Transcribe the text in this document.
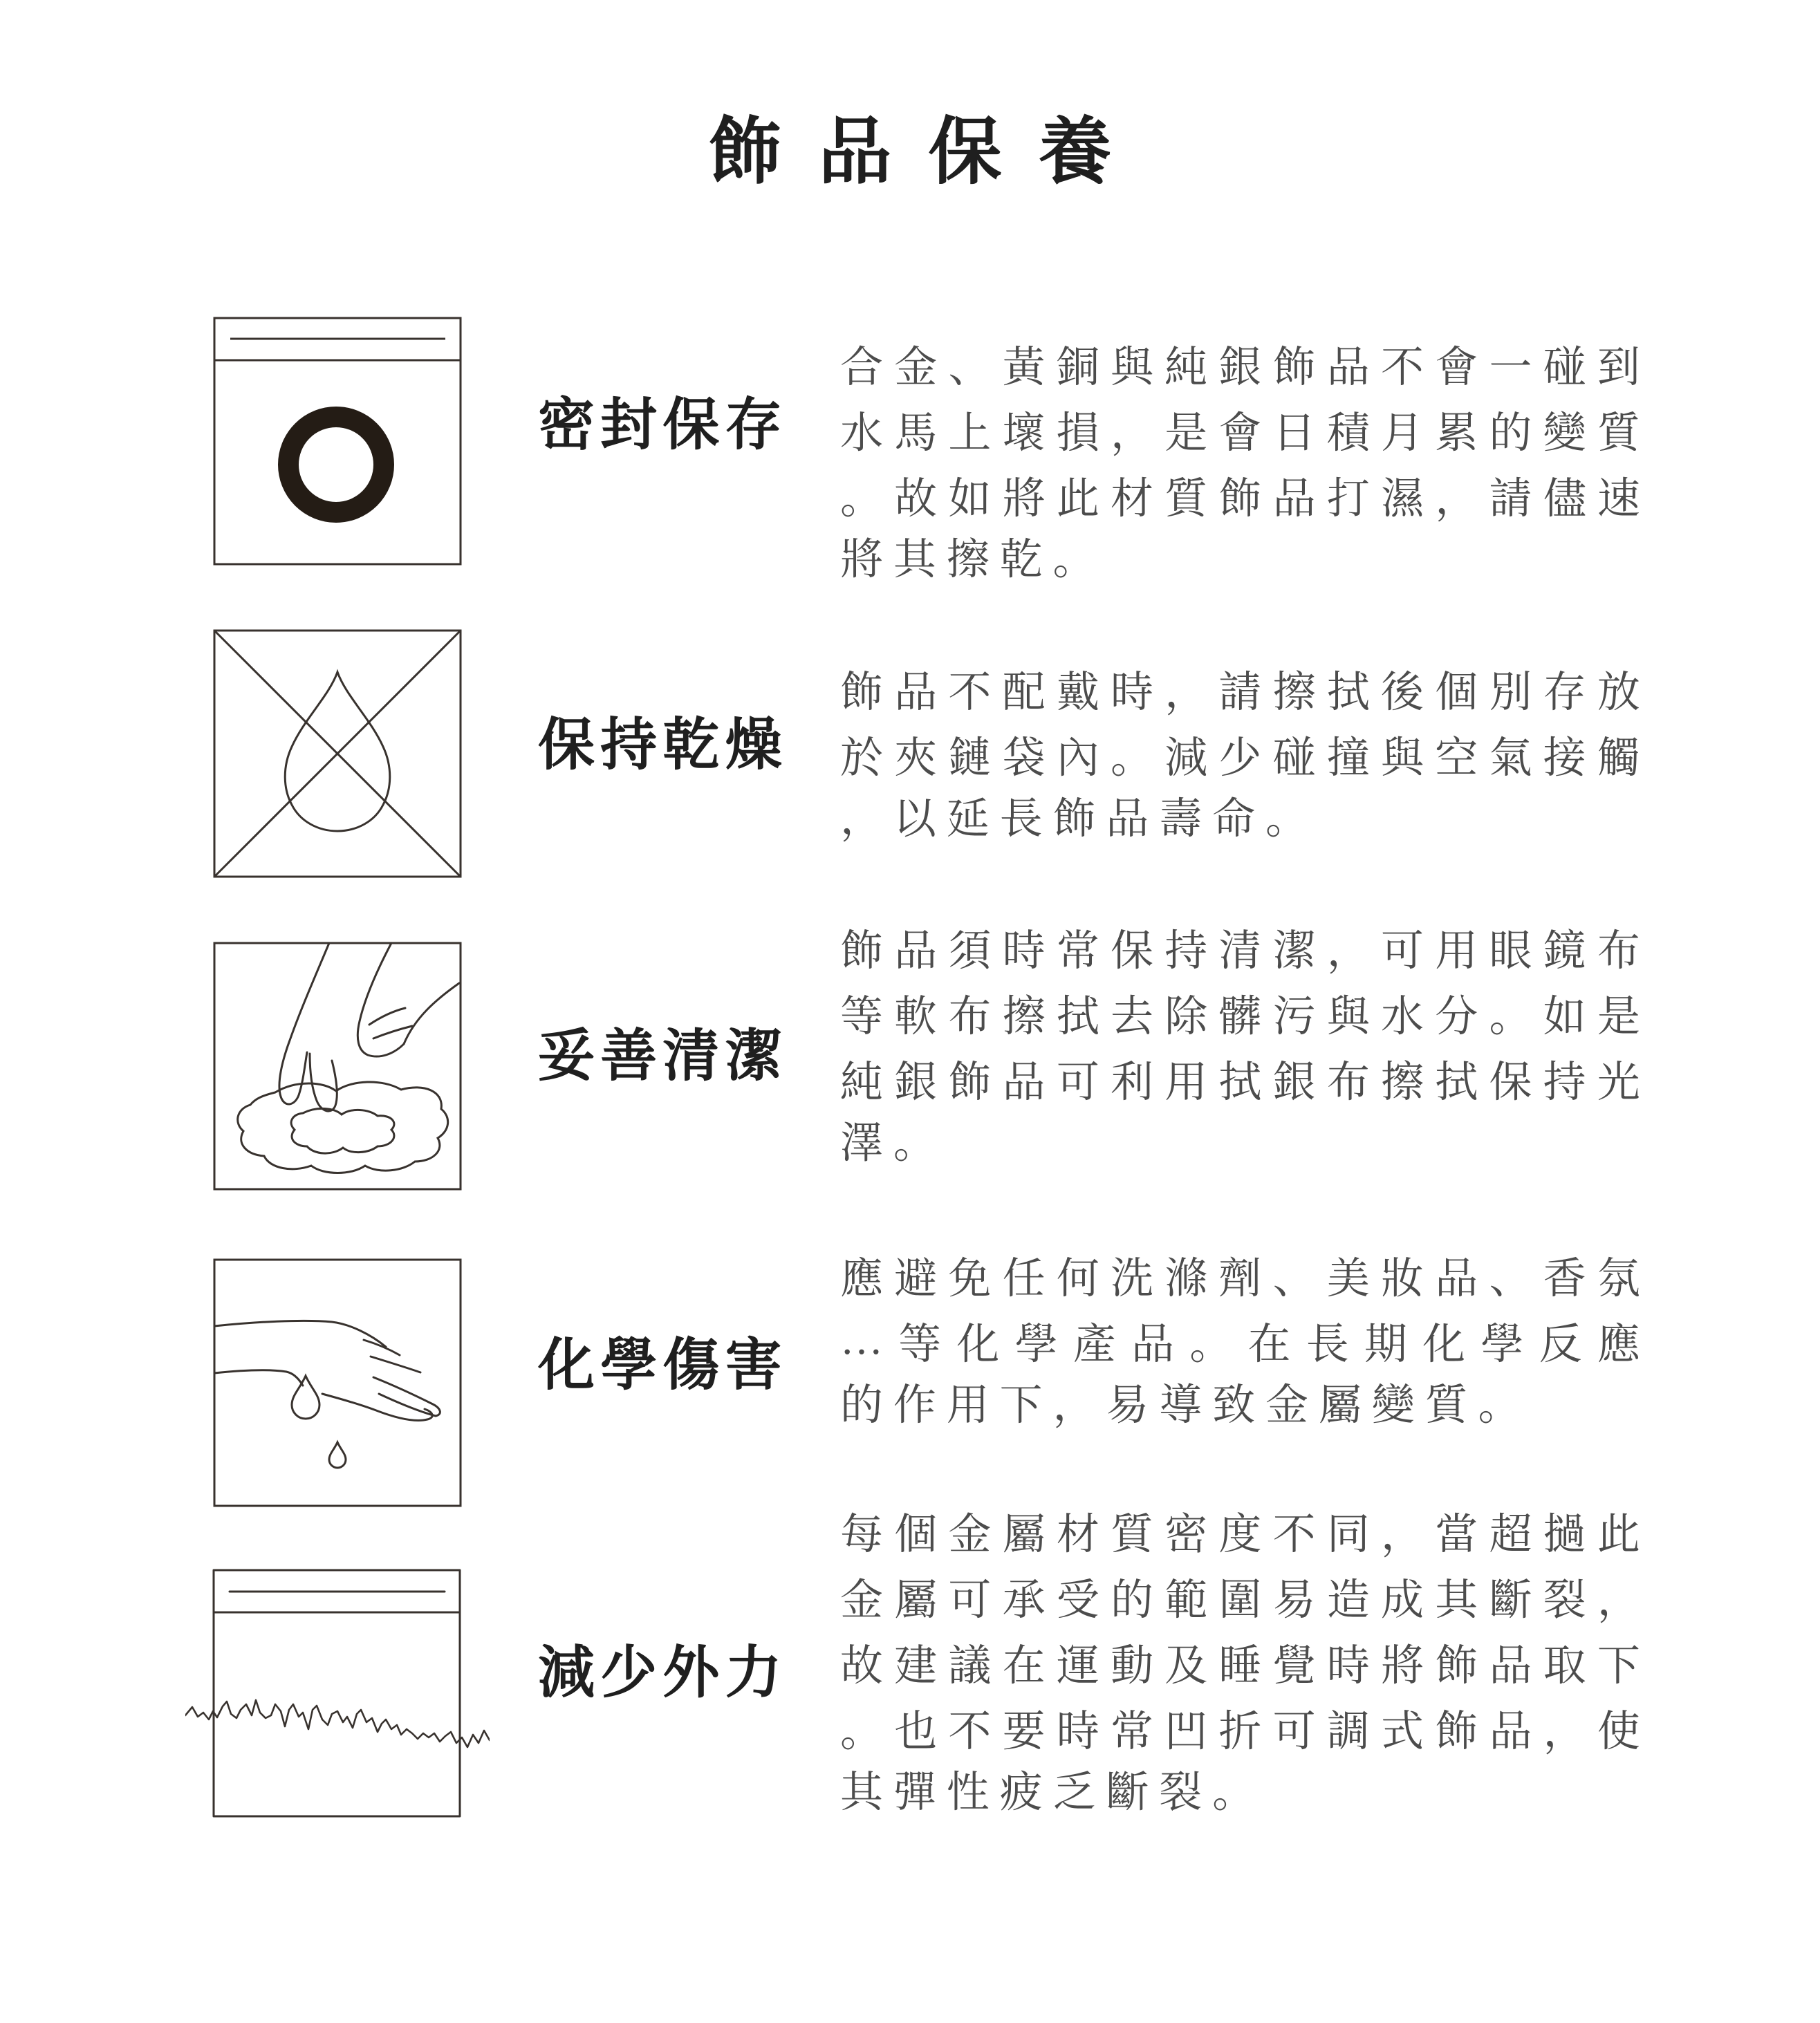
飾品保養
密封保存
保持乾燥
妥善清潔
化學傷害
減少外力
合 金 、 黃 銅 與 純 銀 飾 品 不 會 一 碰 到
水 馬 上 壞 損 ， 是 會 日 積 月 累 的 變 質
。 故 如 將 此 材 質 飾 品 打 濕 ， 請 儘 速
將其擦乾。
飾 品 不 配 戴 時 ， 請 擦 拭 後 個 別 存 放
於 夾 鏈 袋 內 。 減 少 碰 撞 與 空 氣 接 觸
，以延長飾品壽命。
飾 品 須 時 常 保 持 清 潔 ， 可 用 眼 鏡 布
等 軟 布 擦 拭 去 除 髒 污 與 水 分 。 如 是
純 銀 飾 品 可 利 用 拭 銀 布 擦 拭 保 持 光
澤。
應 避 免 任 何 洗 滌 劑 、 美 妝 品 、 香 氛
… 等 化 學 產 品 。 在 長 期 化 學 反 應
的作用下，易導致金屬變質。
每 個 金 屬 材 質 密 度 不 同 ， 當 超 撾 此
金 屬 可 承 受 的 範 圍 易 造 成 其 斷 裂 ，
故 建 議 在 運 動 及 睡 覺 時 將 飾 品 取 下
。 也 不 要 時 常 凹 折 可 調 式 飾 品 ， 使
其彈性疲乏斷裂。
